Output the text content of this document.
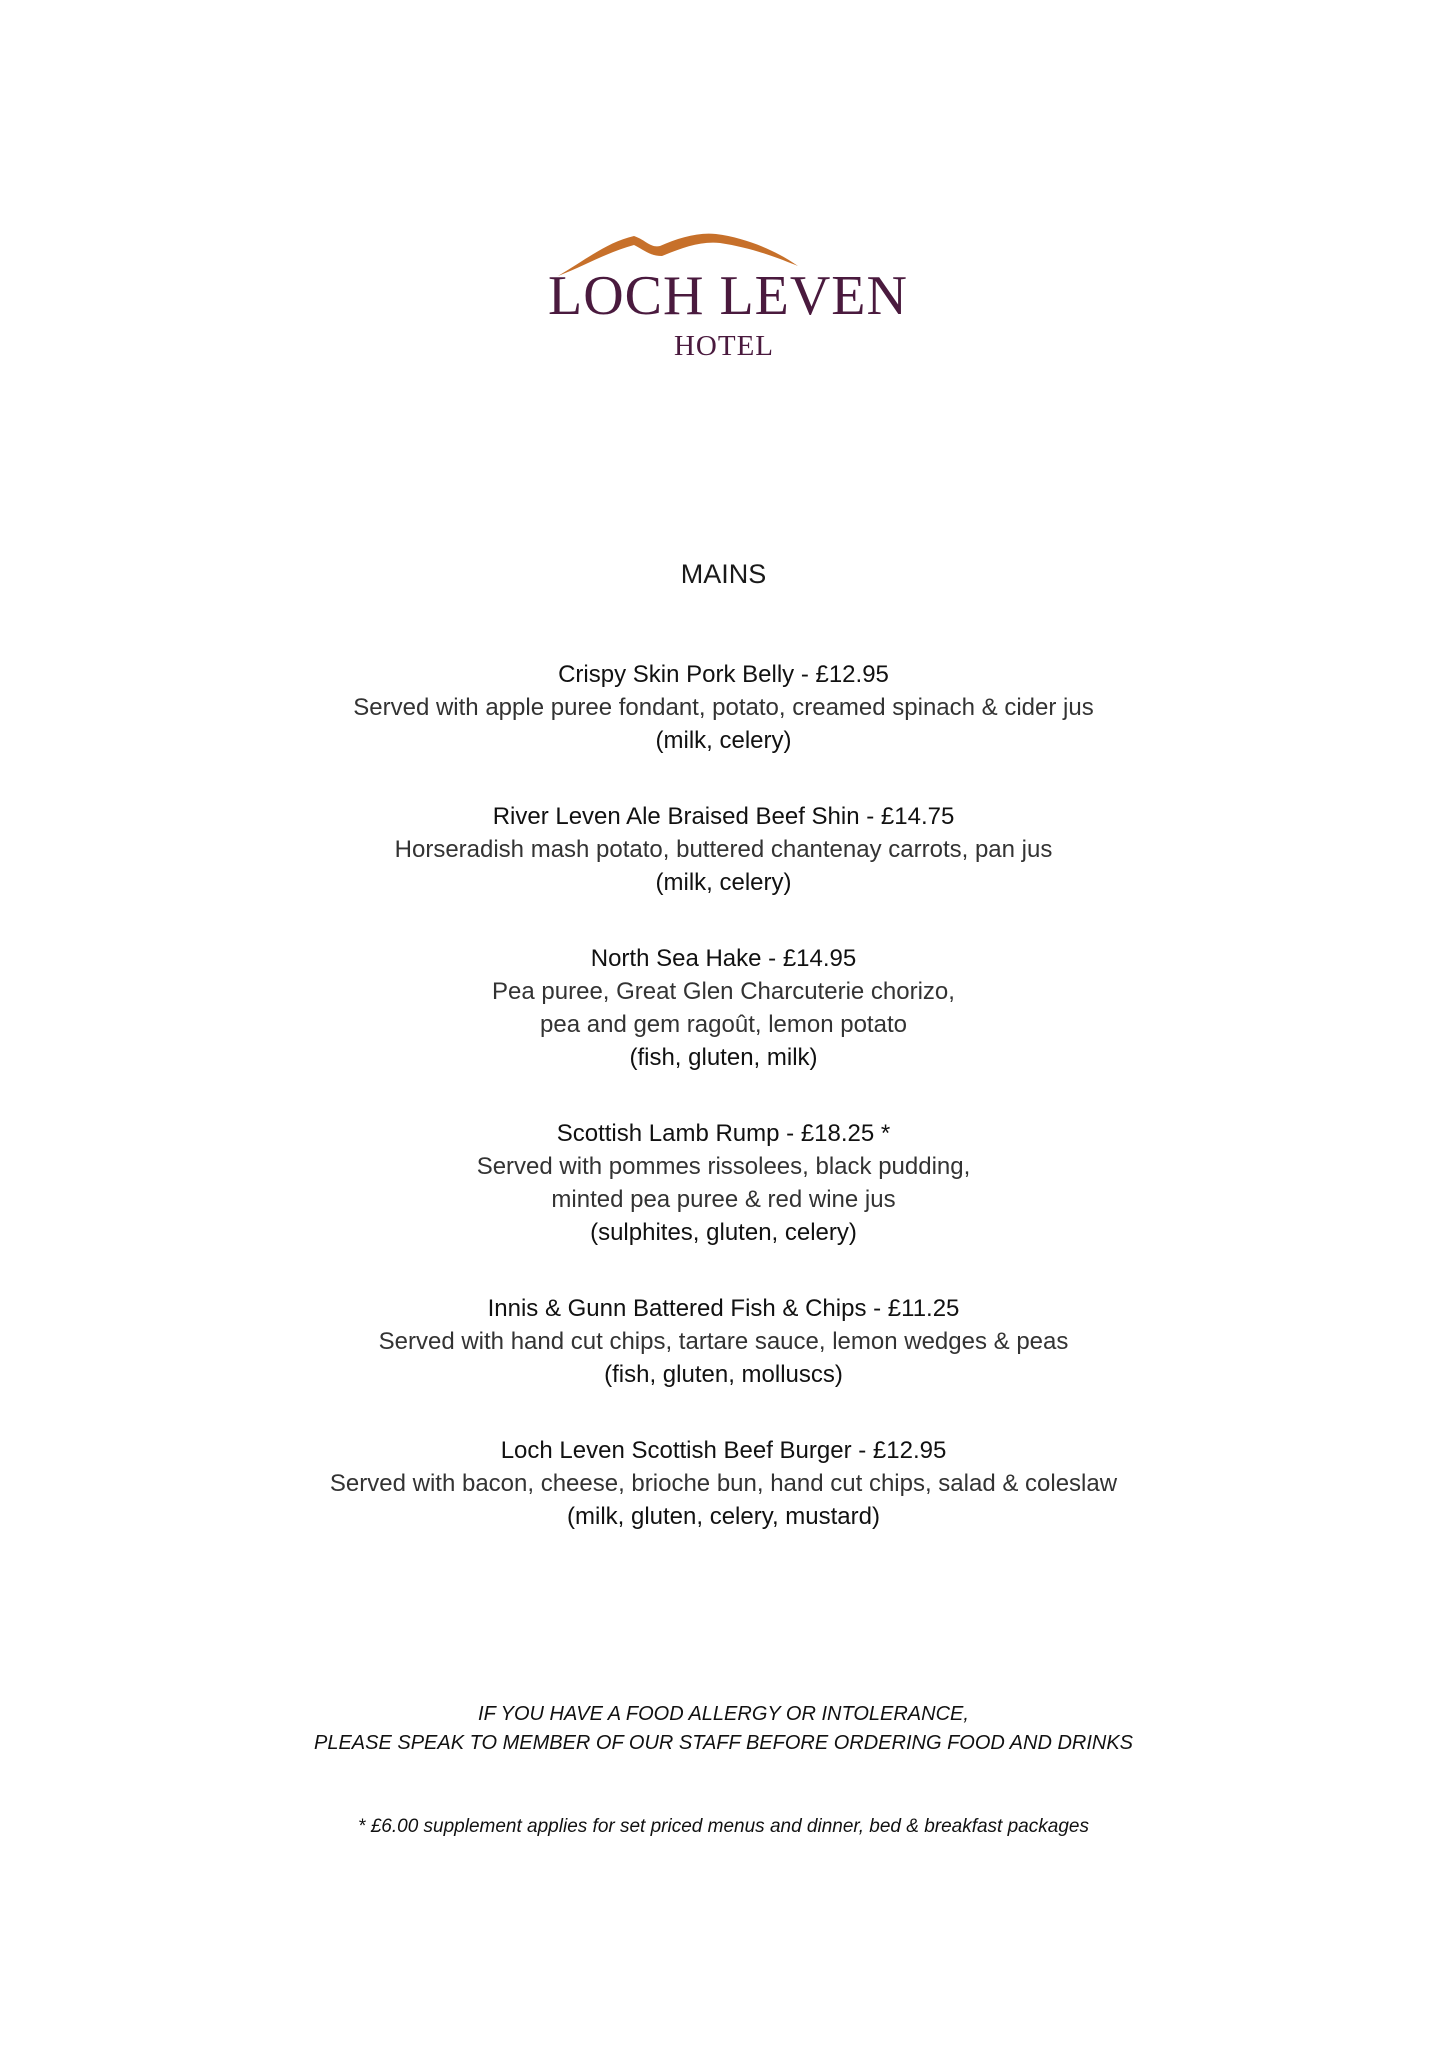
LOCH LEVEN
HOTEL
MAINS
Crispy Skin Pork Belly - £12.95
Served with apple puree fondant, potato, creamed spinach & cider jus
(milk, celery)
River Leven Ale Braised Beef Shin - £14.75
Horseradish mash potato, buttered chantenay carrots, pan jus
(milk, celery)
North Sea Hake - £14.95
Pea puree, Great Glen Charcuterie chorizo,
pea and gem ragoût, lemon potato
(fish, gluten, milk)
Scottish Lamb Rump - £18.25 *
Served with pommes rissolees, black pudding,
minted pea puree & red wine jus
(sulphites, gluten, celery)
Innis & Gunn Battered Fish & Chips - £11.25
Served with hand cut chips, tartare sauce, lemon wedges & peas
(fish, gluten, molluscs)
Loch Leven Scottish Beef Burger - £12.95
Served with bacon, cheese, brioche bun, hand cut chips, salad & coleslaw
(milk, gluten, celery, mustard)
IF YOU HAVE A FOOD ALLERGY OR INTOLERANCE,
PLEASE SPEAK TO MEMBER OF OUR STAFF BEFORE ORDERING FOOD AND DRINKS
* £6.00 supplement applies for set priced menus and dinner, bed & breakfast packages
